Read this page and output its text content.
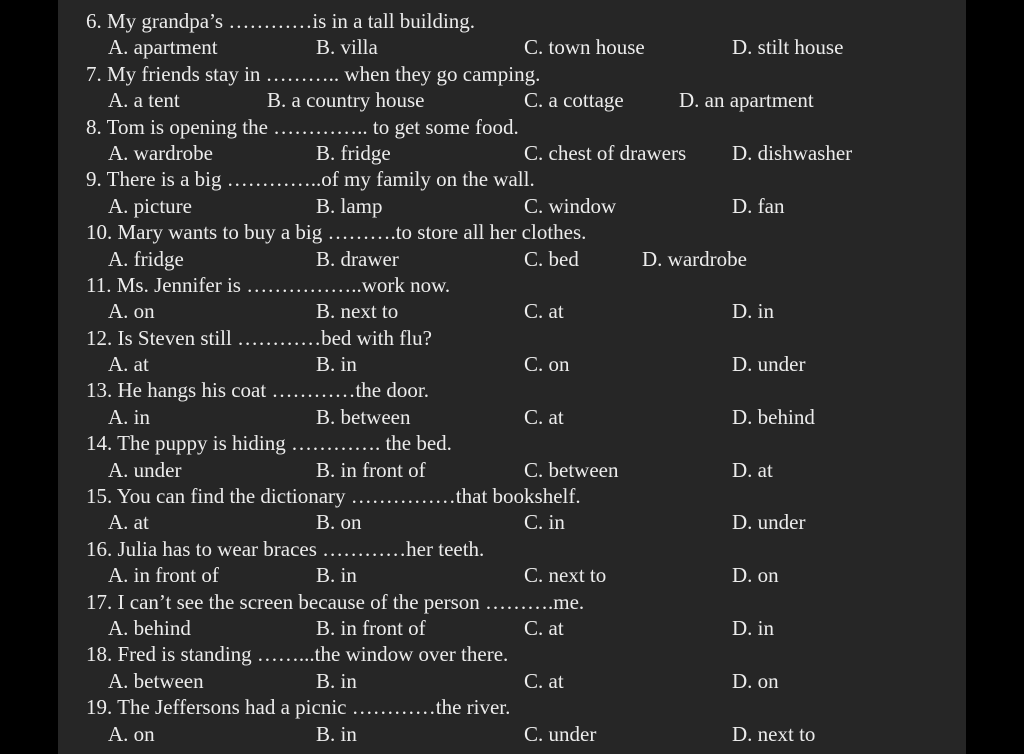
6. My grandpa’s …………is in a tall building.
A. apartment	B. villa	C. town house	D. stilt house
7. My friends stay in ……….. when they go camping.
A. a tent	B. a country house	C. a cottage	D. an apartment
8. Tom is opening the ………….. to get some food.
A. wardrobe	B. fridge	C. chest of drawers D. dishwasher
9. There is a big …………..of my family on the wall.
A. picture	B. lamp	C. window	D. fan
10. Mary wants to buy a big ……….to store all her clothes.
A. fridge	B. drawer	C. bed	D. wardrobe
11. Ms. Jennifer is ……………..work now.
A. on	B. next to	C. at	D. in
12. Is Steven still …………bed with flu?
A. at	B. in	C. on	D. under
13. He hangs his coat …………the door.
A. in	B. between	C. at	D. behind
14. The puppy is hiding …………. the bed.
A. under	B. in front of	C. between	D. at
15. You can find the dictionary ……………that bookshelf.
A. at	B. on	C. in	D. under
16. Julia has to wear braces …………her teeth.
A. in front of	B. in	C. next to	D. on
17. I can’t see the screen because of the person ……….me.
A. behind	B. in front of	C. at	D. in
18. Fred is standing ……...the window over there.
A. between	B. in	C. at	D. on
19. The Jeffersons had a picnic …………the river.
A. on	B. in	C. under	D. next to
